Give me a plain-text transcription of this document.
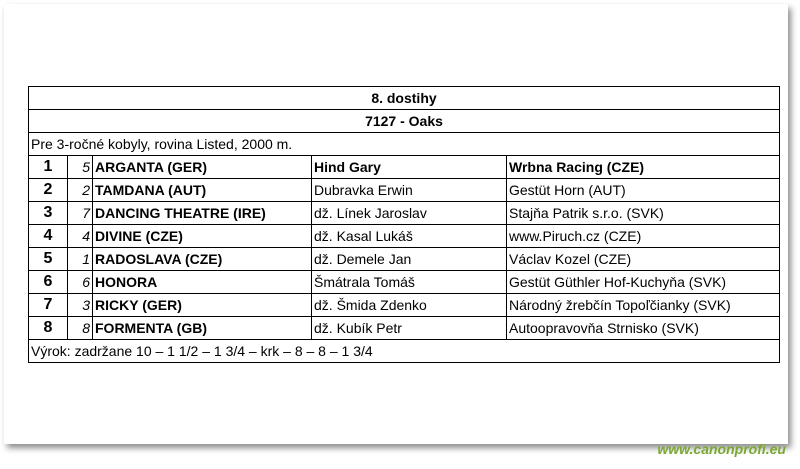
8. dostihy				
7127 - Oaks				
Pre 3-ročné kobyly, rovina Listed, 2000 m.				
1	5	ARGANTA (GER)	Hind Gary	Wrbna Racing (CZE)
2	2	TAMDANA (AUT)	Dubravka Erwin	Gestüt Horn (AUT)
3	7	DANCING THEATRE (IRE)	dž. Línek Jaroslav	Stajňa Patrik s.r.o. (SVK)
4	4	DIVINE (CZE)	dž. Kasal Lukáš	www.Piruch.cz (CZE)
5	1	RADOSLAVA (CZE)	dž. Demele Jan	Václav Kozel (CZE)
6	6	HONORA	Šmátrala Tomáš	Gestüt Güthler Hof-Kuchyňa (SVK)
7	3	RICKY (GER)	dž. Šmida Zdenko	Národný žrebčín Topoľčianky (SVK)
8	8	FORMENTA (GB)	dž. Kubík Petr	Autoopravovňa Strnisko (SVK)
Výrok: zadržane 10 – 1 1/2 – 1 3/4 – krk – 8 – 8 – 1 3/4				
www.canonprofi.eu
